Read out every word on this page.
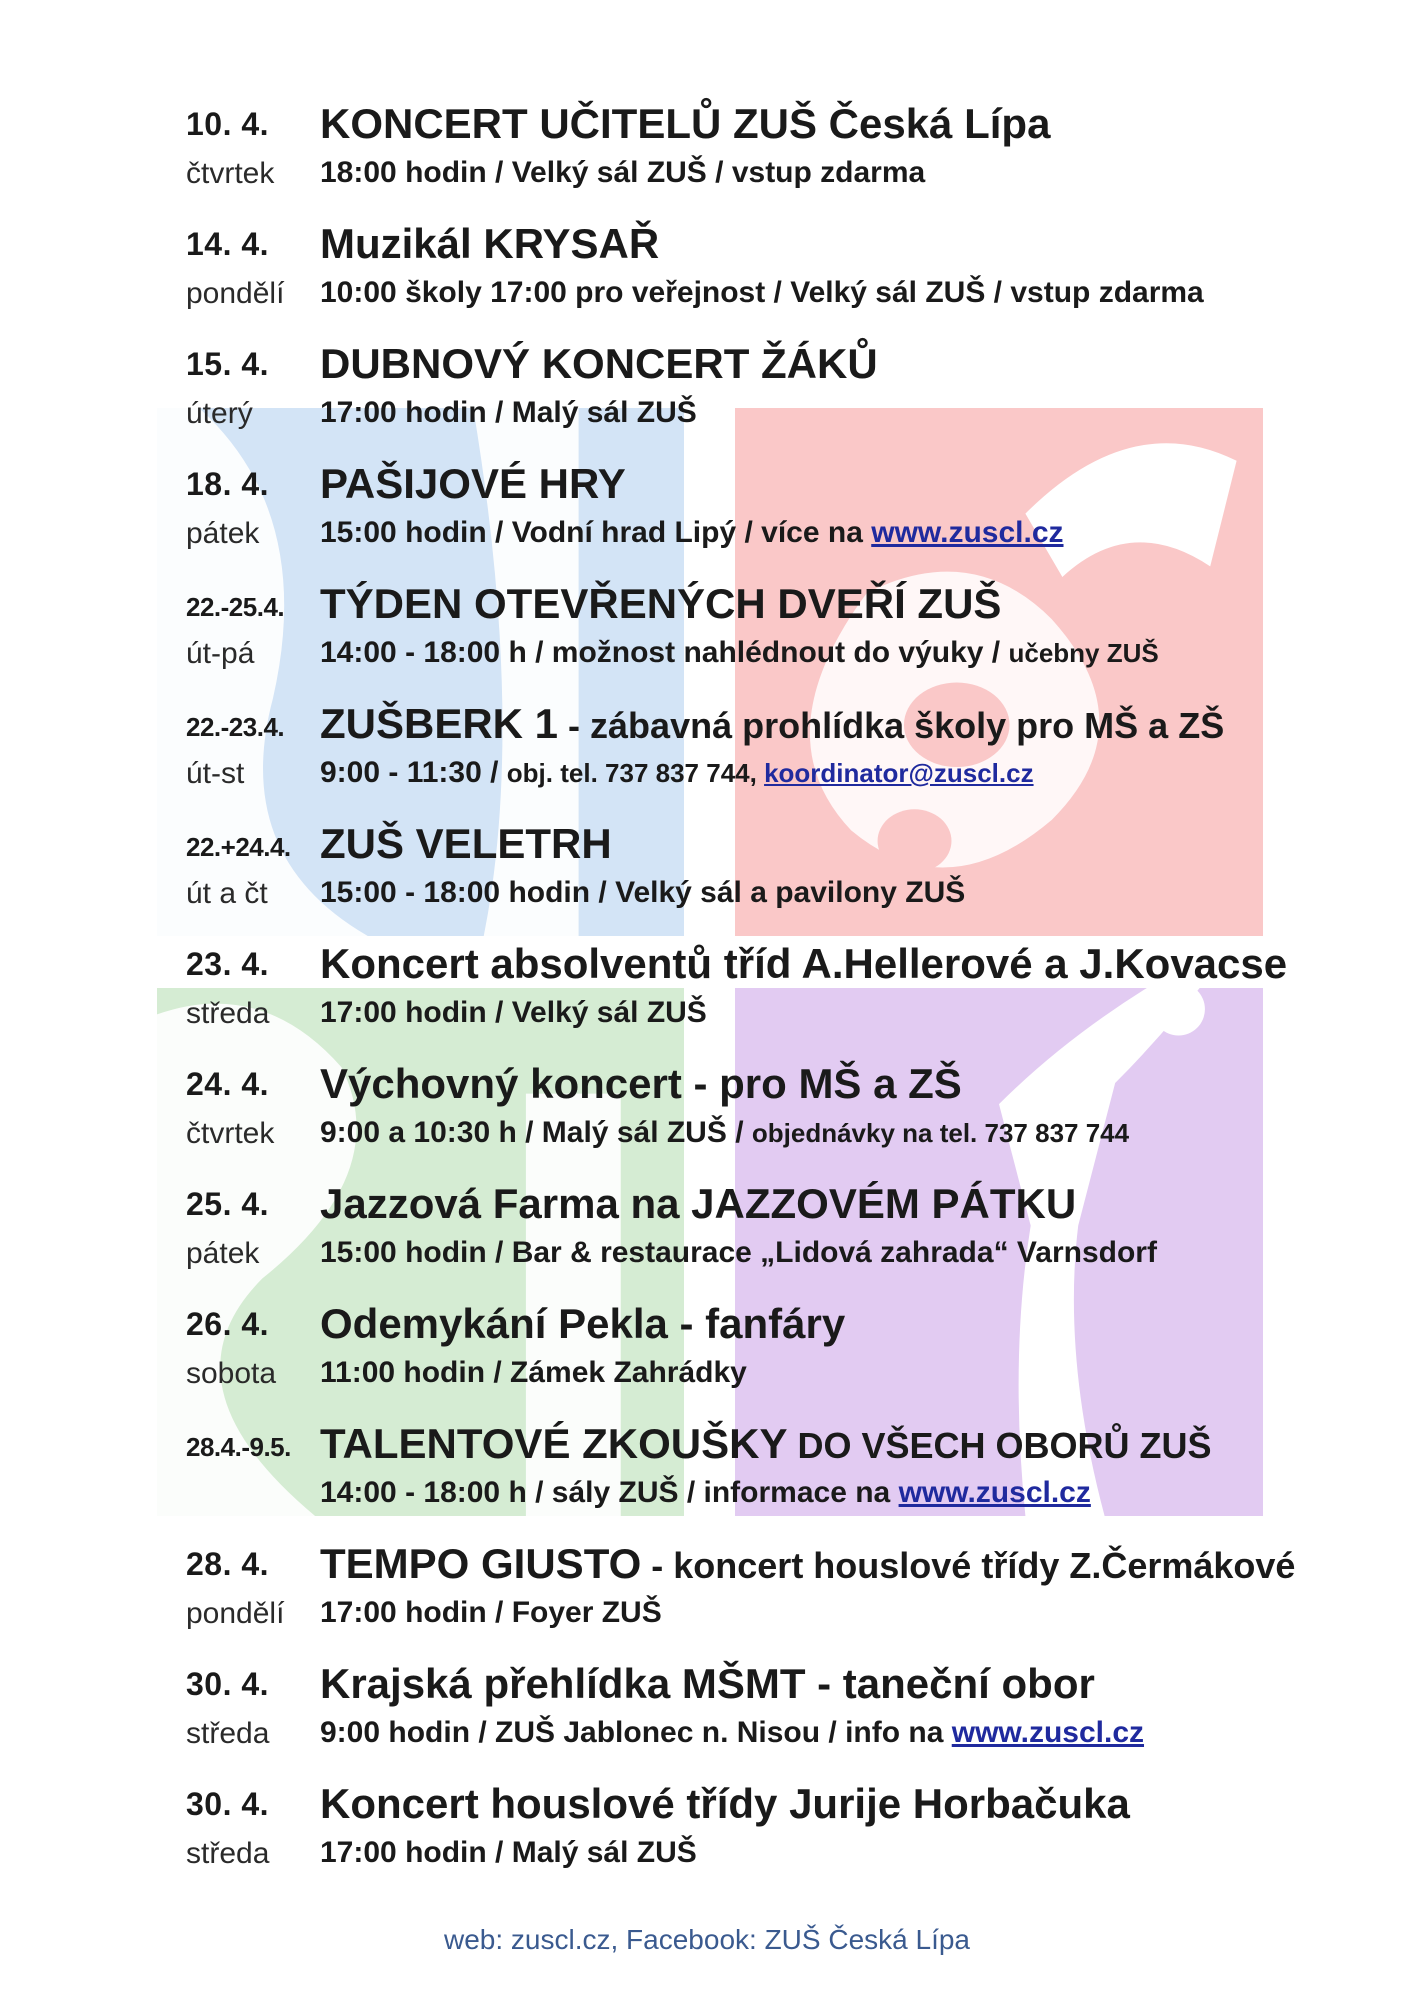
10. 4.
čtvrtek
KONCERT UČITELŮ ZUŠ Česká Lípa
18:00 hodin / Velký sál ZUŠ / vstup zdarma
14. 4.
pondělí
Muzikál KRYSAŘ
10:00 školy 17:00 pro veřejnost / Velký sál ZUŠ / vstup zdarma
15. 4.
úterý
DUBNOVÝ KONCERT ŽÁKŮ
17:00 hodin / Malý sál ZUŠ
18. 4.
pátek
PAŠIJOVÉ HRY
15:00 hodin / Vodní hrad Lipý / více na www.zuscl.cz
22.-25.4.
út-pá
TÝDEN OTEVŘENÝCH DVEŘÍ ZUŠ
14:00 - 18:00 h / možnost nahlédnout do výuky / učebny ZUŠ
22.-23.4.
út-st
ZUŠBERK 1 - zábavná prohlídka školy pro MŠ a ZŠ
9:00 - 11:30 / obj. tel. 737 837 744, koordinator@zuscl.cz
22.+24.4.
út a čt
ZUŠ VELETRH
15:00 - 18:00 hodin / Velký sál a pavilony ZUŠ
23. 4.
středa
Koncert absolventů tříd A.Hellerové a J.Kovacse
17:00 hodin / Velký sál ZUŠ
24. 4.
čtvrtek
Výchovný koncert - pro MŠ a ZŠ
9:00 a 10:30 h / Malý sál ZUŠ / objednávky na tel. 737 837 744
25. 4.
pátek
Jazzová Farma na JAZZOVÉM PÁTKU
15:00 hodin / Bar & restaurace „Lidová zahrada“ Varnsdorf
26. 4.
sobota
Odemykání Pekla - fanfáry
11:00 hodin / Zámek Zahrádky
28.4.-9.5. TALENTOVÉ ZKOUŠKY DO VŠECH OBORŮ ZUŠ
14:00 - 18:00 h / sály ZUŠ / informace na www.zuscl.cz
28. 4.
pondělí
TEMPO GIUSTO - koncert houslové třídy Z.Čermákové
17:00 hodin / Foyer ZUŠ
30. 4.
středa
Krajská přehlídka MŠMT - taneční obor
9:00 hodin / ZUŠ Jablonec n. Nisou / info na www.zuscl.cz
30. 4.
středa
Koncert houslové třídy Jurije Horbačuka
17:00 hodin / Malý sál ZUŠ
web: zuscl.cz, Facebook: ZUŠ Česká Lípa
